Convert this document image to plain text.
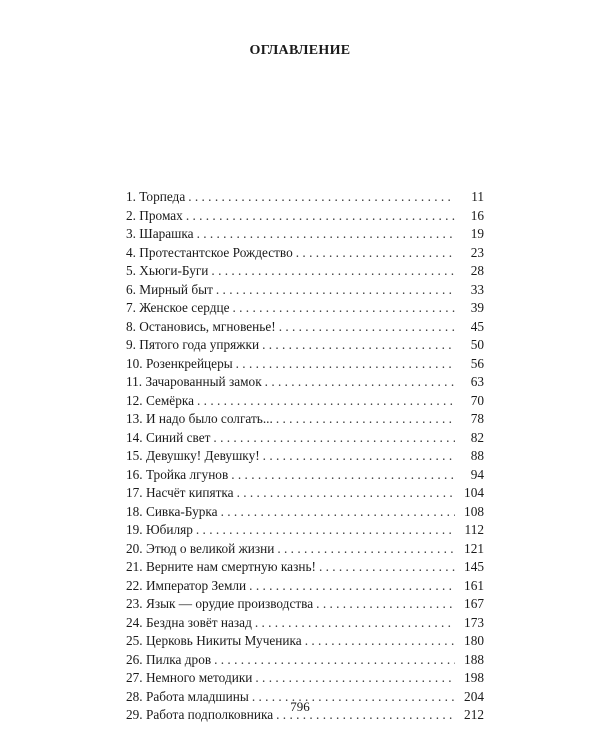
ОГЛАВЛЕНИЕ
1. Торпеда . . .	11
2. Промах . . .	16
3. Шарашка . . .	19
4. Протестантское Рождество . . .	23
5. Хьюги-Буги . . .	28
6. Мирный быт . . .	33
7. Женское сердце . . .	39
8. Остановись, мгновенье! . . .	45
9. Пятого года упряжки . . .	50
10. Розенкрейцеры . . .	56
11. Зачарованный замок . . .	63
12. Семёрка . . .	70
13. И надо было солгать... . . .	78
14. Синий свет . . .	82
15. Девушку! Девушку! . . .	88
16. Тройка лгунов . . .	94
17. Насчёт кипятка . . .	104
18. Сивка-Бурка . . .	108
19. Юбиляр . . .	112
20. Этюд о великой жизни . . .	121
21. Верните нам смертную казнь! . . .	145
22. Император Земли . . .	161
23. Язык — орудие производства . . .	167
24. Бездна зовёт назад . . .	173
25. Церковь Никиты Мученика . . .	180
26. Пилка дров . . .	188
27. Немного методики . . .	198
28. Работа младшины . . .	204
29. Работа подполковника . . .	212
796
